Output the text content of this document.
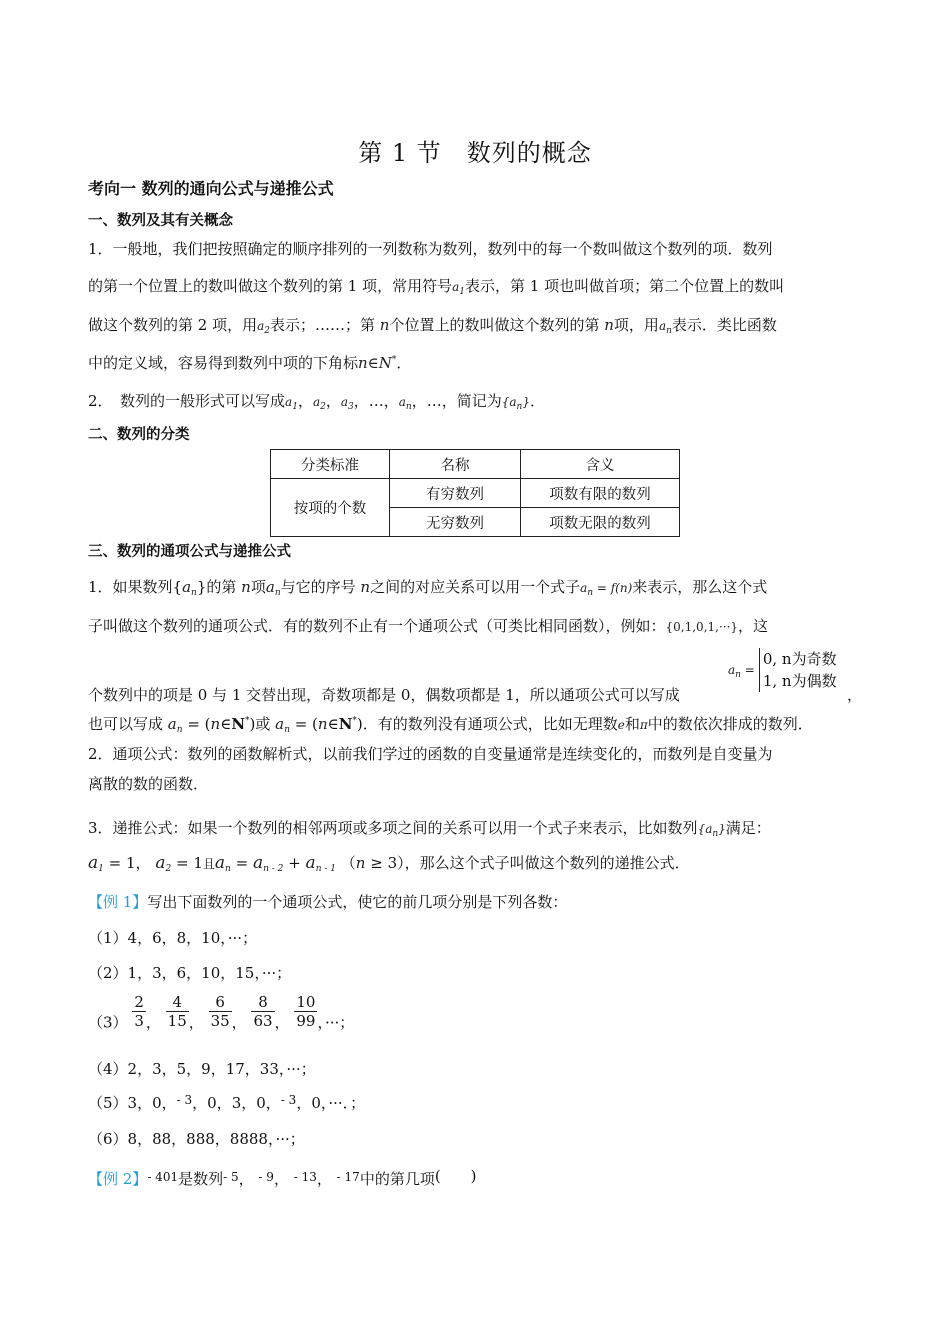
第 1 节　数列的概念
考向一 数列的通向公式与递推公式
一、数列及其有关概念
1．一般地，我们把按照确定的顺序排列的一列数称为数列，数列中的每一个数叫做这个数列的项．数列
的第一个位置上的数叫做这个数列的第 1 项，常用符号$a_1$表示，第 1 项也叫做首项；第二个位置上的数叫
做这个数列的第 2 项，用$a_2$表示；……；第 n个位置上的数叫做这个数列的第 n项，用$a_n$表示．类比函数
中的定义域，容易得到数列中项的下角标n∈N*．
2．　数列的一般形式可以写成$a_1$，$a_2$，$a_3$，…，$a_n$，…，简记为$\{a_n\}$．
二、数列的分类
分类标准	名称	含义
按项的个数	有穷数列	项数有限的数列
	无穷数列	项数无限的数列
三、数列的通项公式与递推公式
1．如果数列$\{a_n\}$的第 n项$a_n$与它的序号 n之间的对应关系可以用一个式子$a_n = f(n)$来表示，那么这个式
子叫做这个数列的通项公式．有的数列不止有一个通项公式（可类比相同函数），例如：{0,1,0,1,···}，这
$a_n =0$, n为奇数
1, n为偶数
个数列中的项是 0 与 1 交替出现，奇数项都是 0，偶数项都是 1，所以通项公式可以写成	，
也可以写成 $a_n$ = (n∈N*)或 $a_n$ = (n∈N*)．有的数列没有通项公式，比如无理数e和π中的数依次排成的数列．
2．通项公式：数列的函数解析式，以前我们学过的函数的自变量通常是连续变化的，而数列是自变量为
离散的数的函数．
3．递推公式：如果一个数列的相邻两项或多项之间的关系可以用一个式子来表示，比如数列$\{a_n\}$满足：
$a_1 = 1$， $a_2 = 1$且$a_n = a_{n - 2} + a_{n - 1}$ （n ≥ 3），那么这个式子叫做这个数列的递推公式．
【例 1】写出下面数列的一个通项公式，使它的前几项分别是下列各数：
（1）4，6，8，10，···；
（2）1，3，6，10，15，···；
$(3) \frac{2}{3}$ ， $\frac{4}{15}$ ， $\frac{6}{35}$ ， $\frac{8}{63}$ ， $\frac{10}{99}$ ，···；
（4）2，3，5，9，17，33，···；
（5）3，0，$^{- 3}$，0，3，0，$^{- 3}$，0，···．；
（6）8，88，888，8888，···；
【例 2】$^{- 401}$是数列$^{- 5}$， $^{- 9}$， $^{- 13}$， $^{- 17}$中的第几项(　　)
